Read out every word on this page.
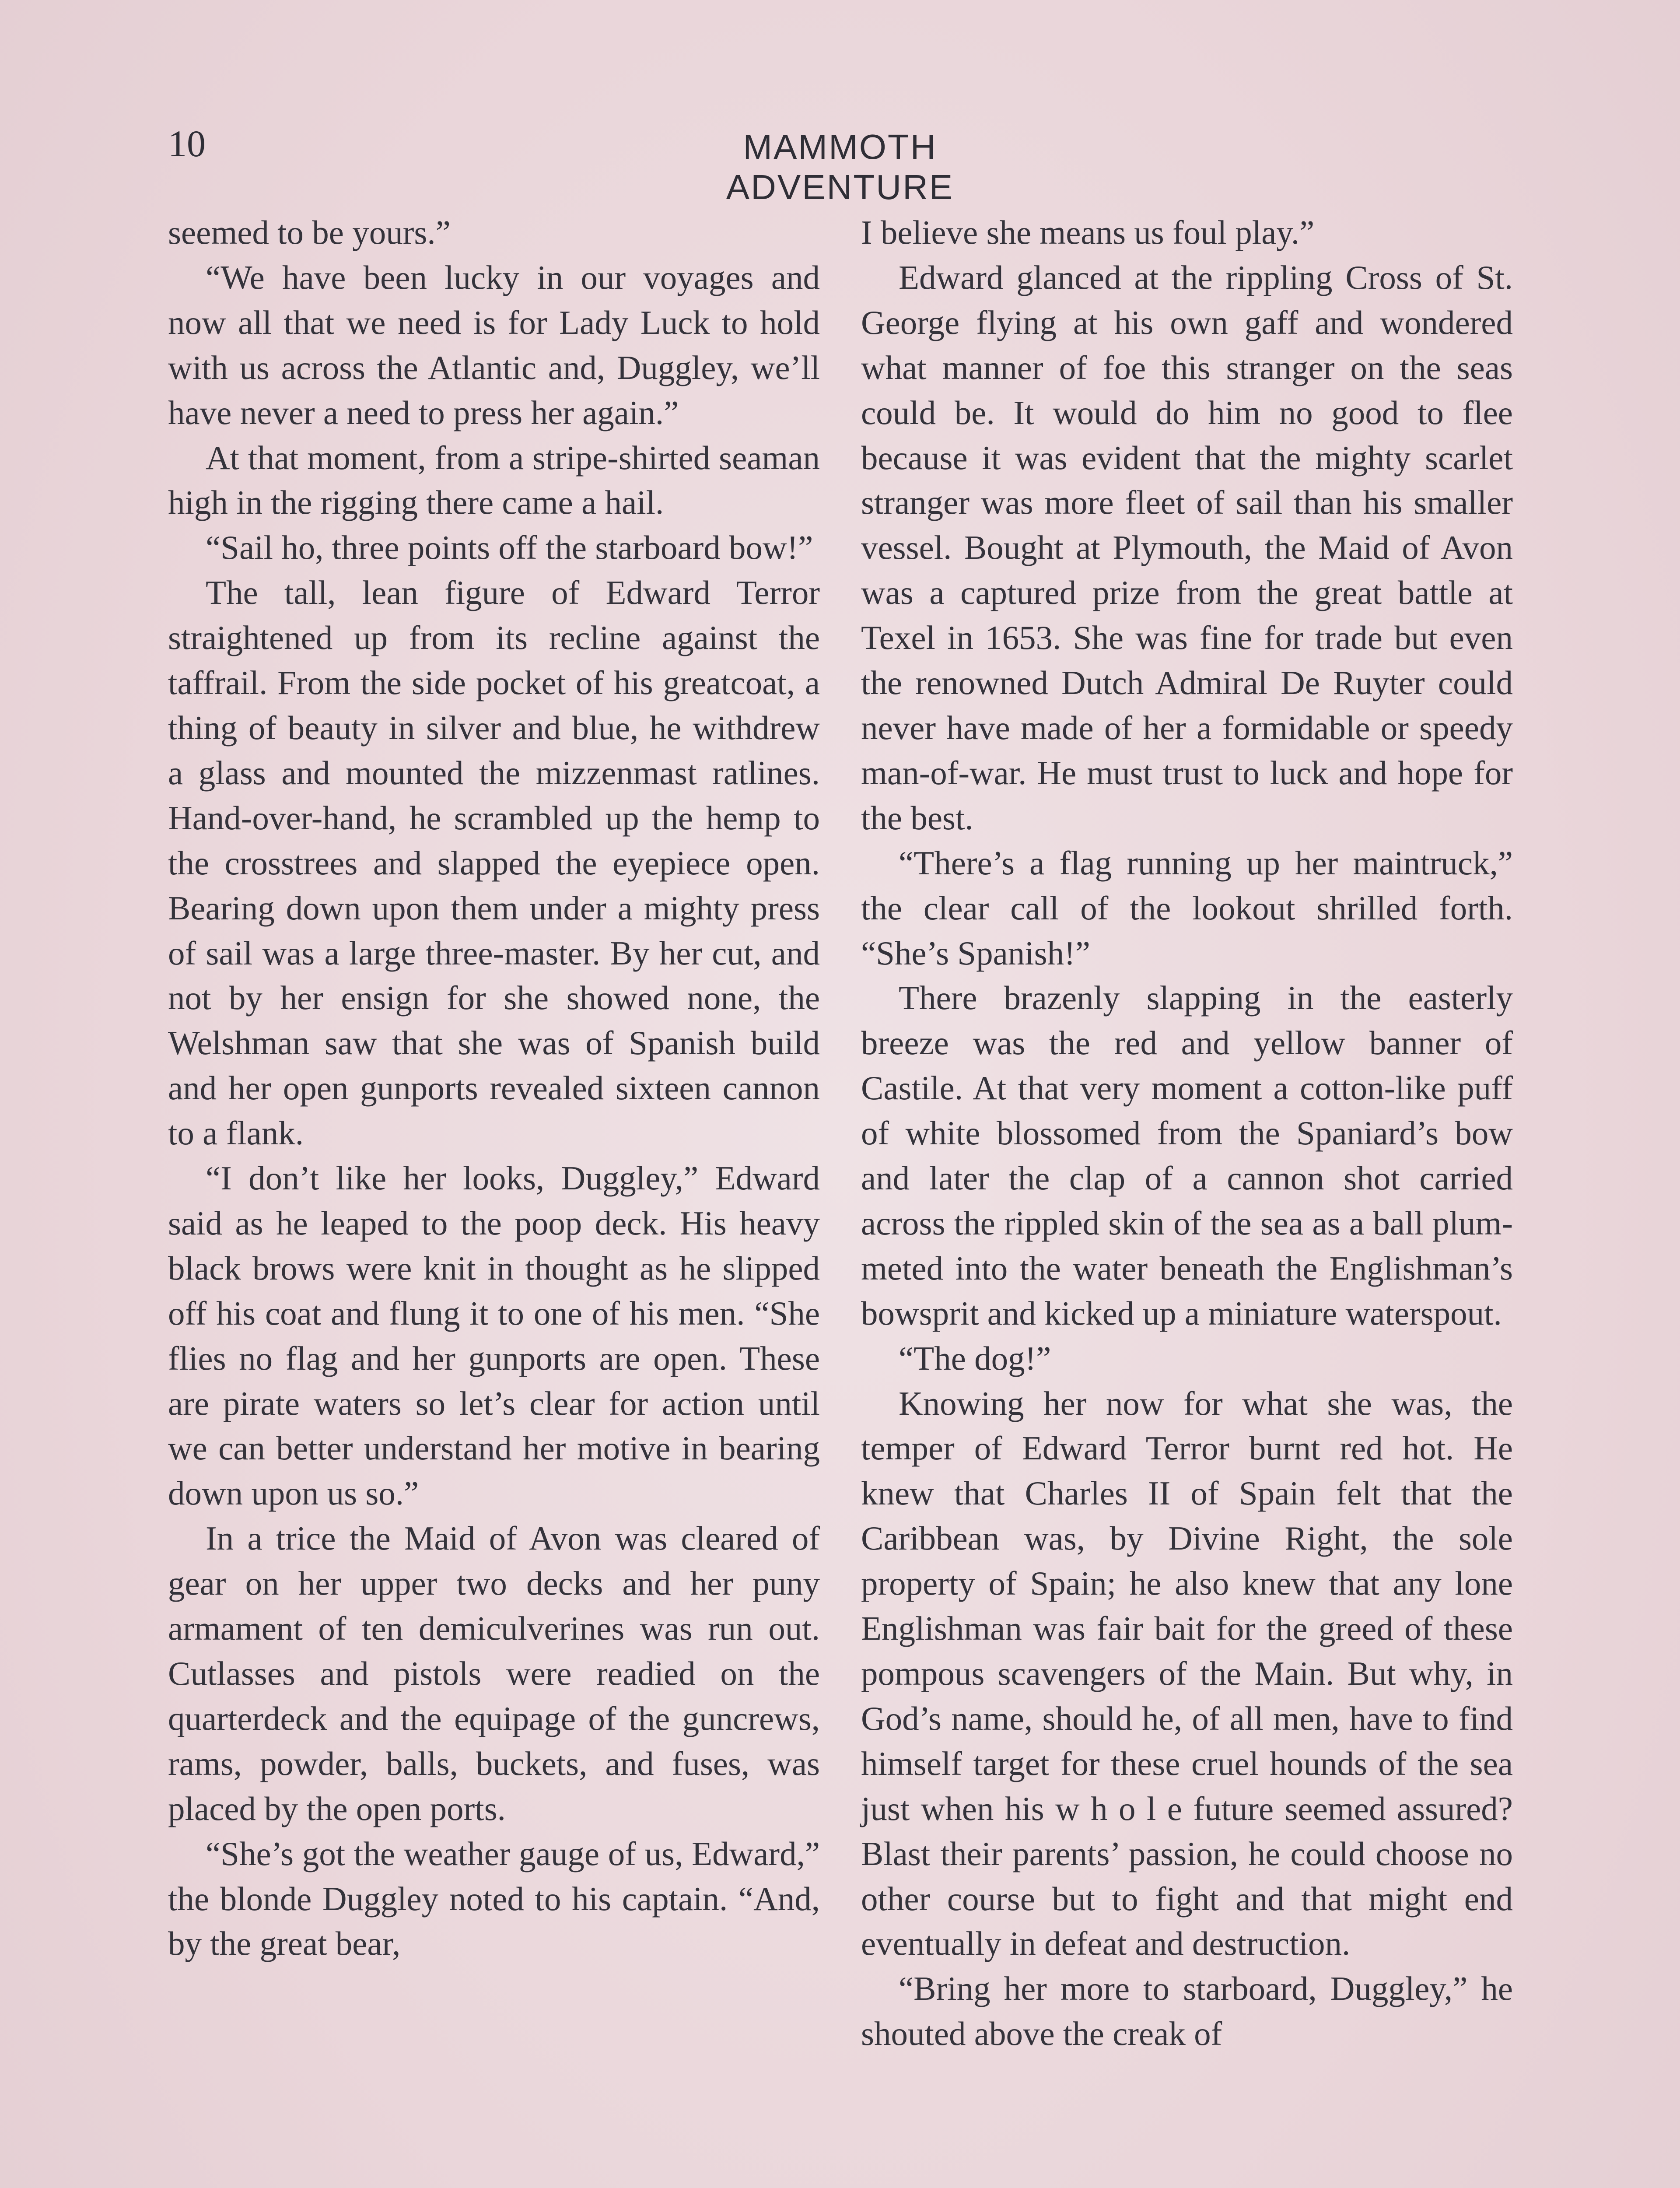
10	MAMMOTH ADVENTURE

seemed to be yours.”

“We have been lucky in our voyages and now all that we need is for Lady Luck to hold with us across the Atlantic and, Duggley, we’ll have never a need to press her again.”

At that moment, from a stripe-shirted seaman high in the rigging there came a hail.

“Sail ho, three points off the starboard bow!”

The tall, lean figure of Edward Terror straightened up from its recline against the taffrail. From the side pocket of his greatcoat, a thing of beauty in silver and blue, he withdrew a glass and mounted the mizzenmast ratlines. Hand-over-hand, he scrambled up the hemp to the crosstrees and slapped the eyepiece open. Bearing down upon them under a mighty press of sail was a large three-master. By her cut, and not by her ensign for she showed none, the Welshman saw that she was of Spanish build and her open gunports revealed sixteen cannon to a flank.

“I don’t like her looks, Duggley,” Edward said as he leaped to the poop deck. His heavy black brows were knit in thought as he slipped off his coat and flung it to one of his men. “She flies no flag and her gunports are open. These are pirate waters so let’s clear for action until we can better understand her motive in bearing down upon us so.”

In a trice the Maid of Avon was cleared of gear on her upper two decks and her puny armament of ten demiculverines was run out. Cutlasses and pistols were readied on the quarterdeck and the equipage of the guncrews, rams, powder, balls, buckets, and fuses, was placed by the open ports.

“She’s got the weather gauge of us, Edward,” the blonde Duggley noted to his captain. “And, by the great bear,

I believe she means us foul play.”

Edward glanced at the rippling Cross of St. George flying at his own gaff and wondered what manner of foe this stranger on the seas could be. It would do him no good to flee because it was evident that the mighty scarlet stranger was more fleet of sail than his smaller vessel. Bought at Plymouth, the Maid of Avon was a captured prize from the great battle at Texel in 1653. She was fine for trade but even the renowned Dutch Admiral De Ruyter could never have made of her a formidable or speedy man-of-war. He must trust to luck and hope for the best.

“There’s a flag running up her maintruck,” the clear call of the lookout shrilled forth. “She’s Spanish!”

There brazenly slapping in the easterly breeze was the red and yellow banner of Castile. At that very moment a cotton-like puff of white blossomed from the Spaniard’s bow and later the clap of a cannon shot carried across the rippled skin of the sea as a ball plummeted into the water beneath the Englishman’s bowsprit and kicked up a miniature waterspout.

“The dog!”

Knowing her now for what she was, the temper of Edward Terror burnt red hot. He knew that Charles II of Spain felt that the Caribbean was, by Divine Right, the sole property of Spain; he also knew that any lone Englishman was fair bait for the greed of these pompous scavengers of the Main. But why, in God’s name, should he, of all men, have to find himself target for these cruel hounds of the sea just when his w h o l e future seemed assured? Blast their parents’ passion, he could choose no other course but to fight and that might end eventually in defeat and destruction.

“Bring her more to starboard, Duggley,” he shouted above the creak of
